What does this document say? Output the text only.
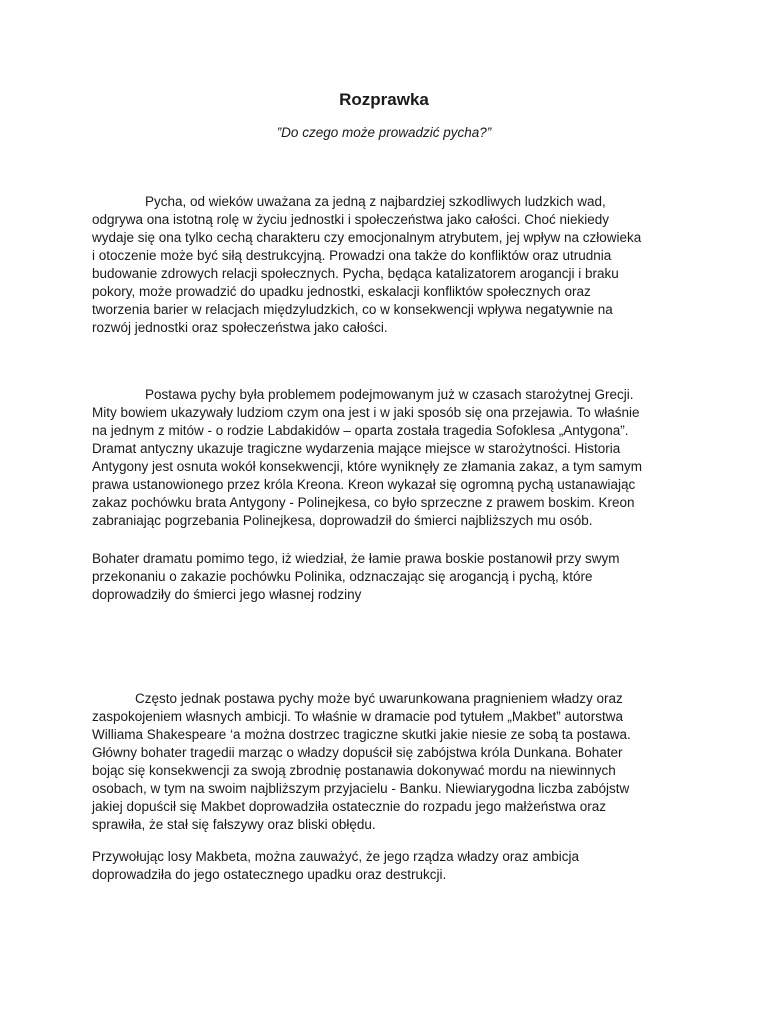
Rozprawka
”Do czego może prowadzić pycha?”
Pycha, od wieków uważana za jedną z najbardziej szkodliwych ludzkich wad,
odgrywa ona istotną rolę w życiu jednostki i społeczeństwa jako całości. Choć niekiedy
wydaje się ona tylko cechą charakteru czy emocjonalnym atrybutem, jej wpływ na człowieka
i otoczenie może być siłą destrukcyjną. Prowadzi ona także do konfliktów oraz utrudnia
budowanie zdrowych relacji społecznych. Pycha, będąca katalizatorem arogancji i braku
pokory, może prowadzić do upadku jednostki, eskalacji konfliktów społecznych oraz
tworzenia barier w relacjach międzyludzkich, co w konsekwencji wpływa negatywnie na
rozwój jednostki oraz społeczeństwa jako całości.
Postawa pychy była problemem podejmowanym już w czasach starożytnej Grecji.
Mity bowiem ukazywały ludziom czym ona jest i w jaki sposób się ona przejawia. To właśnie
na jednym z mitów - o rodzie Labdakidów – oparta została tragedia Sofoklesa „Antygona”.
Dramat antyczny ukazuje tragiczne wydarzenia mające miejsce w starożytności. Historia
Antygony jest osnuta wokół konsekwencji, które wyniknęły ze złamania zakaz, a tym samym
prawa ustanowionego przez króla Kreona. Kreon wykazał się ogromną pychą ustanawiając
zakaz pochówku brata Antygony - Polinejkesa, co było sprzeczne z prawem boskim. Kreon
zabraniając pogrzebania Polinejkesa, doprowadził do śmierci najbliższych mu osób.
Bohater dramatu pomimo tego, iż wiedział, że łamie prawa boskie postanowił przy swym
przekonaniu o zakazie pochówku Polinika, odznaczając się arogancją i pychą, które
doprowadziły do śmierci jego własnej rodziny
Często jednak postawa pychy może być uwarunkowana pragnieniem władzy oraz
zaspokojeniem własnych ambicji. To właśnie w dramacie pod tytułem „Makbet” autorstwa
Williama Shakespeare ‘a można dostrzec tragiczne skutki jakie niesie ze sobą ta postawa.
Główny bohater tragedii marząc o władzy dopuścił się zabójstwa króla Dunkana. Bohater
bojąc się konsekwencji za swoją zbrodnię postanawia dokonywać mordu na niewinnych
osobach, w tym na swoim najbliższym przyjacielu - Banku. Niewiarygodna liczba zabójstw
jakiej dopuścił się Makbet doprowadziła ostatecznie do rozpadu jego małżeństwa oraz
sprawiła, że stał się fałszywy oraz bliski obłędu.
Przywołując losy Makbeta, można zauważyć, że jego rządza władzy oraz ambicja
doprowadziła do jego ostatecznego upadku oraz destrukcji.
